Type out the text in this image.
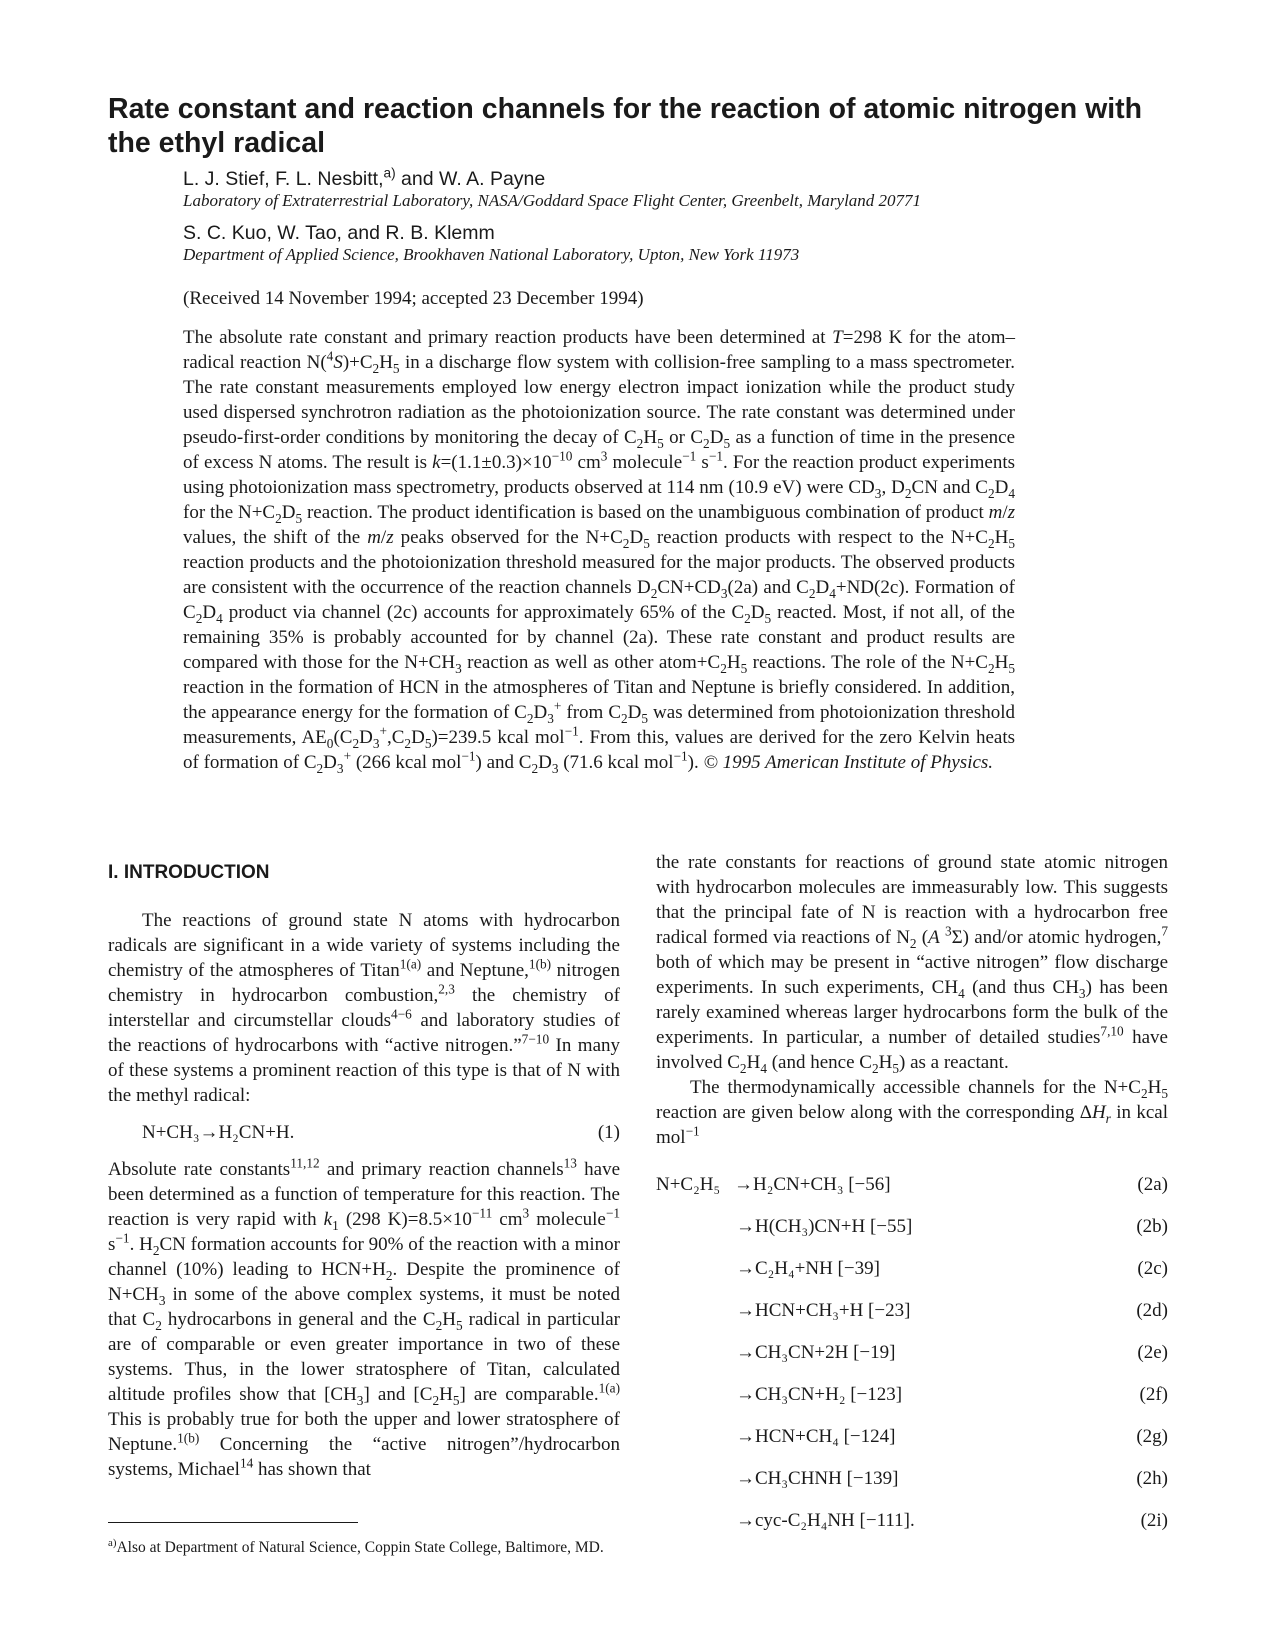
Rate constant and reaction channels for the reaction of atomic nitrogen with the ethyl radical
L. J. Stief, F. L. Nesbitt,$^{a)}$ and W. A. Payne
Laboratory of Extraterrestrial Laboratory, NASA/Goddard Space Flight Center, Greenbelt, Maryland 20771
S. C. Kuo, W. Tao, and R. B. Klemm
Department of Applied Science, Brookhaven National Laboratory, Upton, New York 11973
(Received 14 November 1994; accepted 23 December 1994)
The absolute rate constant and primary reaction products have been determined at T=298 K for the atom–radical reaction $N(^4S)+C_2H_5$ in a discharge flow system with collision-free sampling to a mass spectrometer. The rate constant measurements employed low energy electron impact ionization while the product study used dispersed synchrotron radiation as the photoionization source. The rate constant was determined under pseudo-first-order conditions by monitoring the decay of $C_2H_5$ or $C_2D_5$ as a function of time in the presence of excess N atoms. The result is $k=(1.1\pm 0.3)\times 10^{-10}$ $cm^3$ molecule$^{-1}$ $s^{-1}$. For the reaction product experiments using photoionization mass spectrometry, products observed at 114 nm (10.9 eV) were $CD_3$, $D_2CN$ and $C_2D_4$ for the $N+C_2D_5$ reaction. The product identification is based on the unambiguous combination of product m/z values, the shift of the m/z peaks observed for the $N+C_2D_5$ reaction products with respect to the $N+C_2H_5$ reaction products and the photoionization threshold measured for the major products. The observed products are consistent with the occurrence of the reaction channels $D_2CN+CD_3(2a)$ and $C_2D_4+ND(2c)$. Formation of $C_2D_4$ product via channel (2c) accounts for approximately 65% of the $C_2D_5$ reacted. Most, if not all, of the remaining 35% is probably accounted for by channel (2a). These rate constant and product results are compared with those for the $N+CH_3$ reaction as well as other $atom+C_2H_5$ reactions. The role of the $N+C_2H_5$ reaction in the formation of HCN in the atmospheres of Titan and Neptune is briefly considered. In addition, the appearance energy for the formation of $C_2D_3^+$ from $C_2D_5$ was determined from photoionization threshold measurements, $AE_0(C_2D_3^+,C_2D_5)=239.5$ kcal mol$^{-1}$. From this, values are derived for the zero Kelvin heats of formation of $C_2D_3^+$ (266 kcal mol$^{-1}$) and $C_2D_3$ (71.6 kcal mol$^{-1}$). © 1995 American Institute of Physics.
I. INTRODUCTION

The reactions of ground state N atoms with hydrocarbon radicals are significant in a wide variety of systems including the chemistry of the atmospheres of Titan$^{1(a)}$ and Neptune,$^{1(b)}$ nitrogen chemistry in hydrocarbon combustion,$^{2,3}$ the chemistry of interstellar and circumstellar clouds$^{4-6}$ and laboratory studies of the reactions of hydrocarbons with “active nitrogen.”$^{7-10}$ In many of these systems a prominent reaction of this type is that of N with the methyl radical:

N+CH₃→H₂CN+H.	(1)

Absolute rate constants$^{11,12}$ and primary reaction channels$^{13}$ have been determined as a function of temperature for this reaction. The reaction is very rapid with $k_1$ (298 $K)=8.5\times 10^{-11}$ $cm^3$ molecule$^{-1}$ $s^{-1}$. $H_2CN$ formation accounts for 90% of the reaction with a minor channel (10%) leading to $HCN+H_2$. Despite the prominence of $N+CH_3$ in some of the above complex systems, it must be noted that $C_2$ hydrocarbons in general and the $C_2H_5$ radical in particular are of comparable or even greater importance in two of these systems. Thus, in the lower stratosphere of Titan, calculated altitude profiles show that $[CH_3]$ and $[C_2H_5]$ are comparable.$^{1(a)}$ This is probably true for both the upper and lower stratosphere of Neptune.$^{1(b)}$ Concerning the “active nitrogen”/hydrocarbon systems, Michael$^{14}$ has shown that

the rate constants for reactions of ground state atomic nitrogen with hydrocarbon molecules are immeasurably low. This suggests that the principal fate of N is reaction with a hydrocarbon free radical formed via reactions of $N_2$ (A $^3$Σ) and/or atomic hydrogen,$^7$ both of which may be present in “active nitrogen” flow discharge experiments. In such experiments, $CH_4$ (and thus $CH_3$) has been rarely examined whereas larger hydrocarbons form the bulk of the experiments. In particular, a number of detailed studies$^{7,10}$ have involved $C_2H_4$ (and hence $C_2H_5$) as a reactant.

The thermodynamically accessible channels for the $N+C_2H_5$ reaction are given below along with the corresponding $\Delta H_r$ in kcal mol$^{-1}$

N+C₂H₅ →H₂CN+CH₃ [−56]	(2a)
→H(CH₃)CN+H [−55]	(2b)
→C₂H₄+NH [−39]	(2c)
→HCN+CH₃+H [−23]	(2d)
→CH₃CN+2H [−19]	(2e)
→CH₃CN+H₂ [−123]	(2f)
→HCN+CH₄ [−124]	(2g)
→CH₃CHNH [−139]	(2h)
→cyc-C₂H₄NH [−111].	(2i)
$^{a)}$Also at Department of Natural Science, Coppin State College, Baltimore, MD.
